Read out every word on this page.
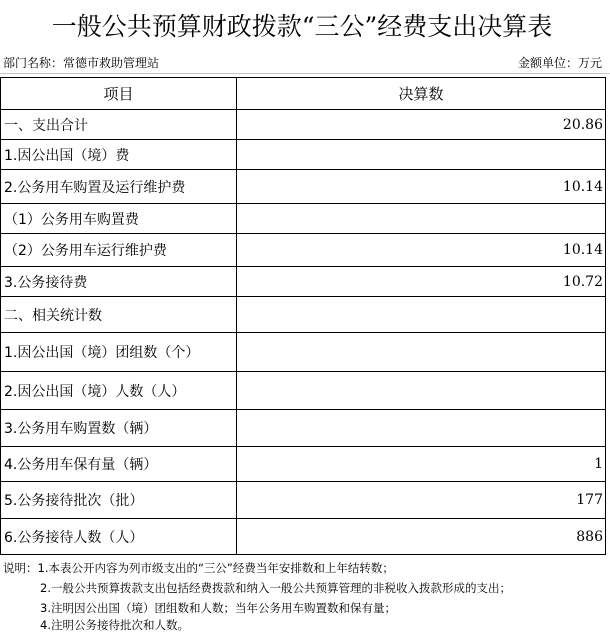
一般公共预算财政拨款“三公”经费支出决算表
部门名称：常德市救助管理站	金额单位：万元
项目	决算数
一、支出合计	20.86
1.因公出国（境）费	
2.公务用车购置及运行维护费	10.14
（1）公务用车购置费	
（2）公务用车运行维护费	10.14
3.公务接待费	10.72
二、相关统计数	
1.因公出国（境）团组数（个）	
2.因公出国（境）人数（人）	
3.公务用车购置数（辆）	
4.公务用车保有量（辆）	1
5.公务接待批次（批）	177
6.公务接待人数（人）	886
说明：1.本表公开内容为列市级支出的“三公”经费当年安排数和上年结转数；
2.一般公共预算拨款支出包括经费拨款和纳入一般公共预算管理的非税收入拨款形成的支出；
3.注明因公出国（境）团组数和人数；当年公务用车购置数和保有量；
4.注明公务接待批次和人数。
